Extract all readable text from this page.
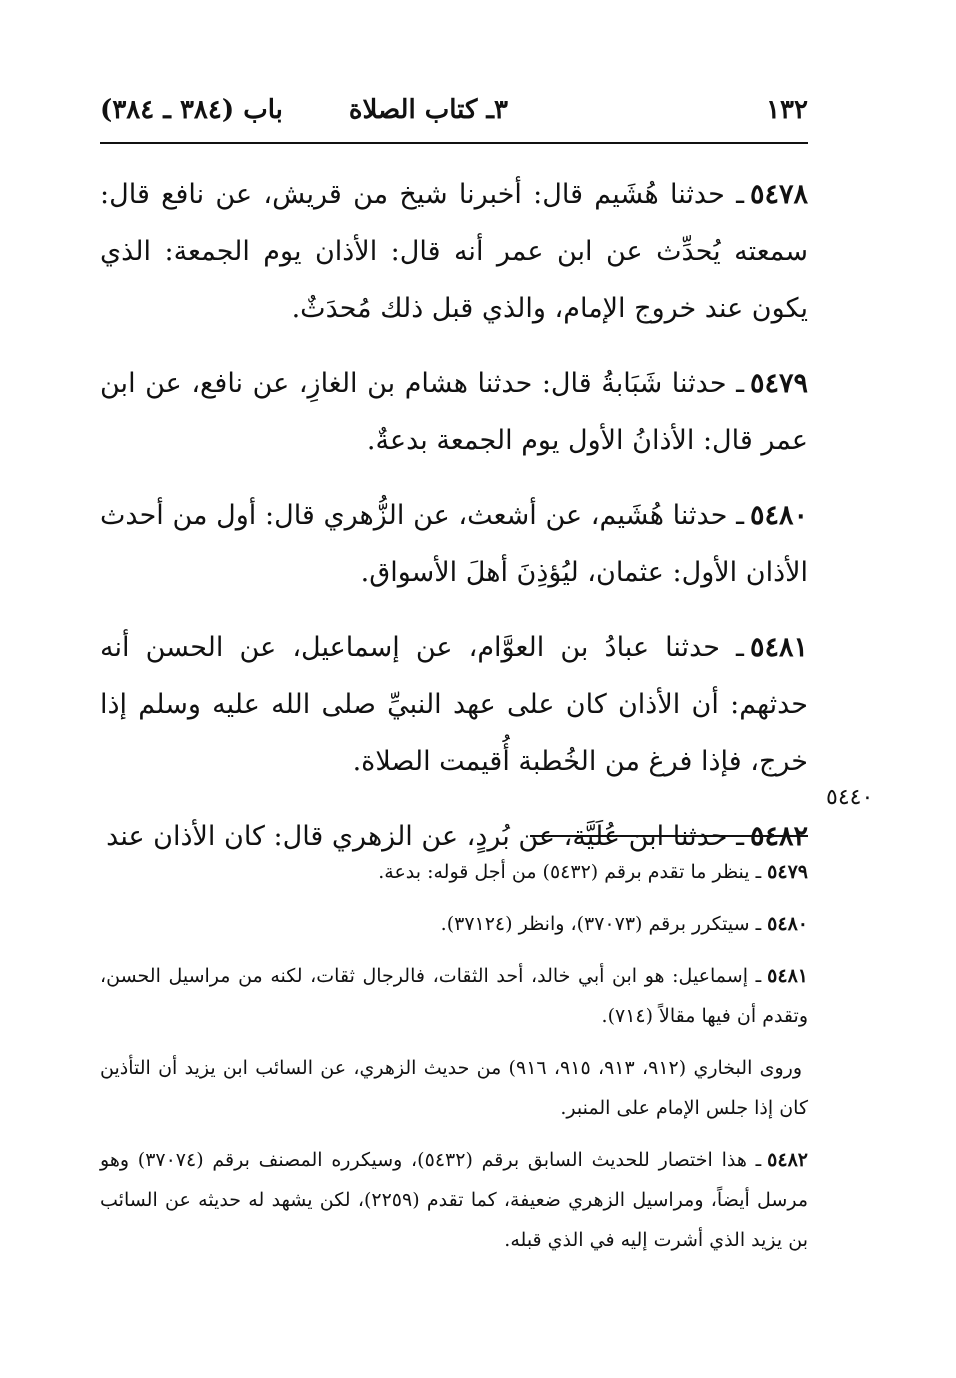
١٣٢
٣ـ كتاب الصلاة
باب (٣٨٤ ـ ٣٨٤)

٥٤٧٨ـ حدثنا هُشَيم قال: أخبرنا شيخ من قريش، عن نافع قال: سمعته يُحدِّث عن ابن عمر أنه قال: الأذان يوم الجمعة: الذي يكون عند خروج الإمام، والذي قبل ذلك مُحدَثٌ.

٥٤٧٩ـ حدثنا شَبَابةُ قال: حدثنا هشام بن الغازِ، عن نافع، عن ابن عمر قال: الأذانُ الأول يوم الجمعة بدعةٌ.

٥٤٨٠ـ حدثنا هُشَيم، عن أشعث، عن الزُّهري قال: أول من أحدث الأذان الأول: عثمان، ليُؤذِنَ أهلَ الأسواق.

٥٤٨١ـ حدثنا عبادُ بن العوَّام، عن إسماعيل، عن الحسن أنه حدثهم: أن الأذان كان على عهد النبيِّ صلى الله عليه وسلم إذا خرج، فإذا فرغ من الخُطبة أُقيمت الصلاة.

٥٤٨٢ـ حدثنا ابن عُلَيَّة، عن بُردٍ، عن الزهري قال: كان الأذان عند

٥٤٤٠

٥٤٧٩ـ ينظر ما تقدم برقم (٥٤٣٢) من أجل قوله: بدعة.

٥٤٨٠ـ سيتكرر برقم (٣٧٠٧٣)، وانظر (٣٧١٢٤).

٥٤٨١ـ إسماعيل: هو ابن أبي خالد، أحد الثقات، فالرجال ثقات، لكنه من مراسيل الحسن، وتقدم أن فيها مقالاً (٧١٤).

وروى البخاري (٩١٢، ٩١٣، ٩١٥، ٩١٦) من حديث الزهري، عن السائب ابن يزيد أن التأذين كان إذا جلس الإمام على المنبر.

٥٤٨٢ـ هذا اختصار للحديث السابق برقم (٥٤٣٢)، وسيكرره المصنف برقم (٣٧٠٧٤) وهو مرسل أيضاً، ومراسيل الزهري ضعيفة، كما تقدم (٢٢٥٩)، لكن يشهد له حديثه عن السائب بن يزيد الذي أشرت إليه في الذي قبله.
